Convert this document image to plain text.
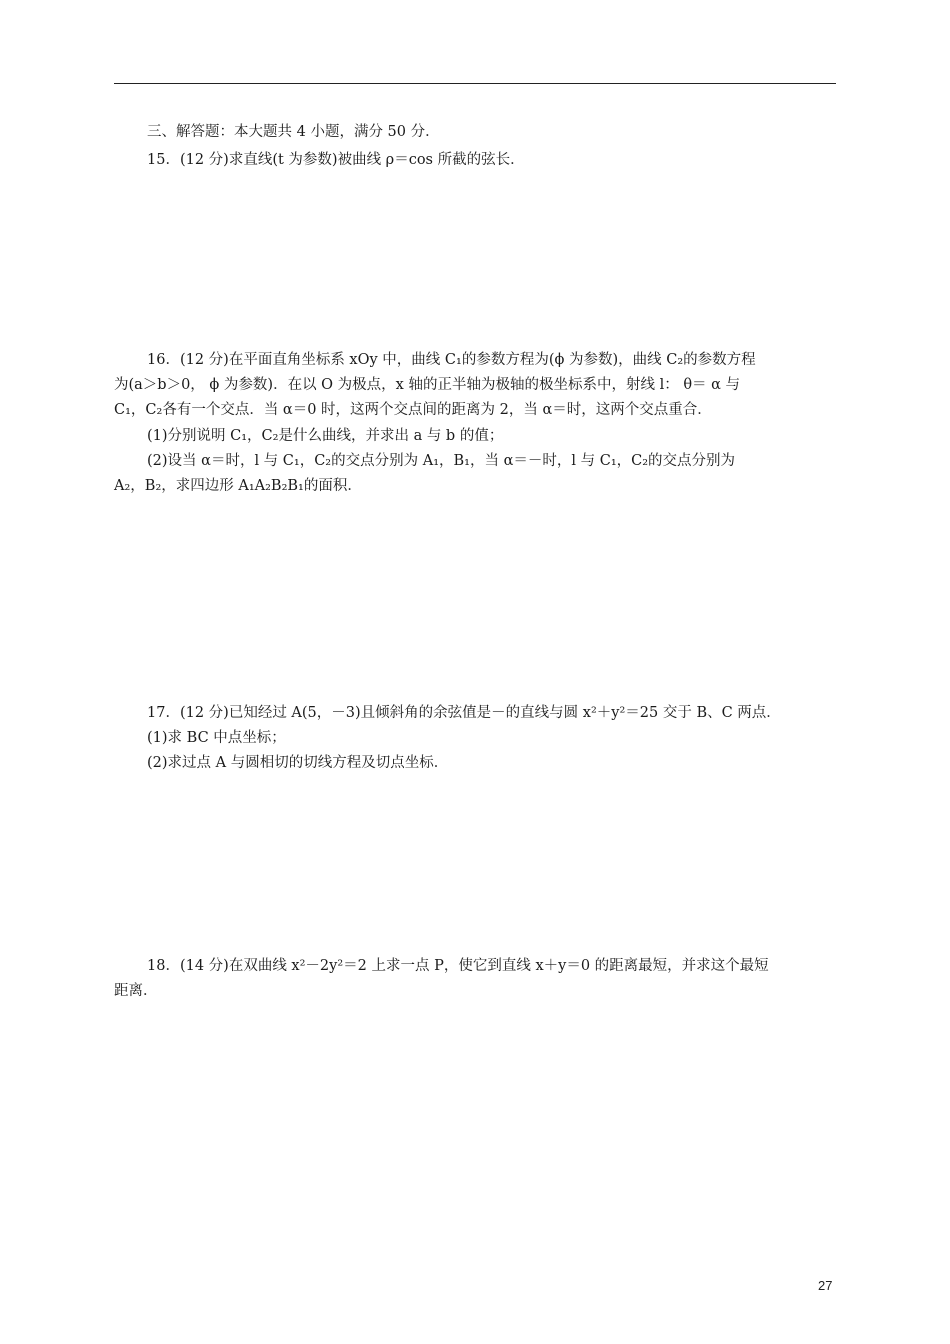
三、解答题：本大题共 4 小题，满分 50 分．
15．(12 分)求直线(t 为参数)被曲线 ρ＝cos 所截的弦长．
16．(12 分)在平面直角坐标系 xOy 中，曲线 C₁的参数方程为(ϕ 为参数)，曲线 C₂的参数方程
为(a＞b＞0， ϕ 为参数)．在以 O 为极点，x 轴的正半轴为极轴的极坐标系中，射线 l： θ＝ α 与
C₁，C₂各有一个交点．当 α＝0 时，这两个交点间的距离为 2，当 α＝时，这两个交点重合．
(1)分别说明 C₁，C₂是什么曲线，并求出 a 与 b 的值；
(2)设当 α＝时，l 与 C₁，C₂的交点分别为 A₁，B₁，当 α＝－时，l 与 C₁，C₂的交点分别为
A₂，B₂，求四边形 A₁A₂B₂B₁的面积．
17．(12 分)已知经过 A(5，－3)且倾斜角的余弦值是－的直线与圆 x²＋y²＝25 交于 B、C 两点．
(1)求 BC 中点坐标；
(2)求过点 A 与圆相切的切线方程及切点坐标．
18．(14 分)在双曲线 x²－2y²＝2 上求一点 P，使它到直线 x＋y＝0 的距离最短，并求这个最短
距离．
27
